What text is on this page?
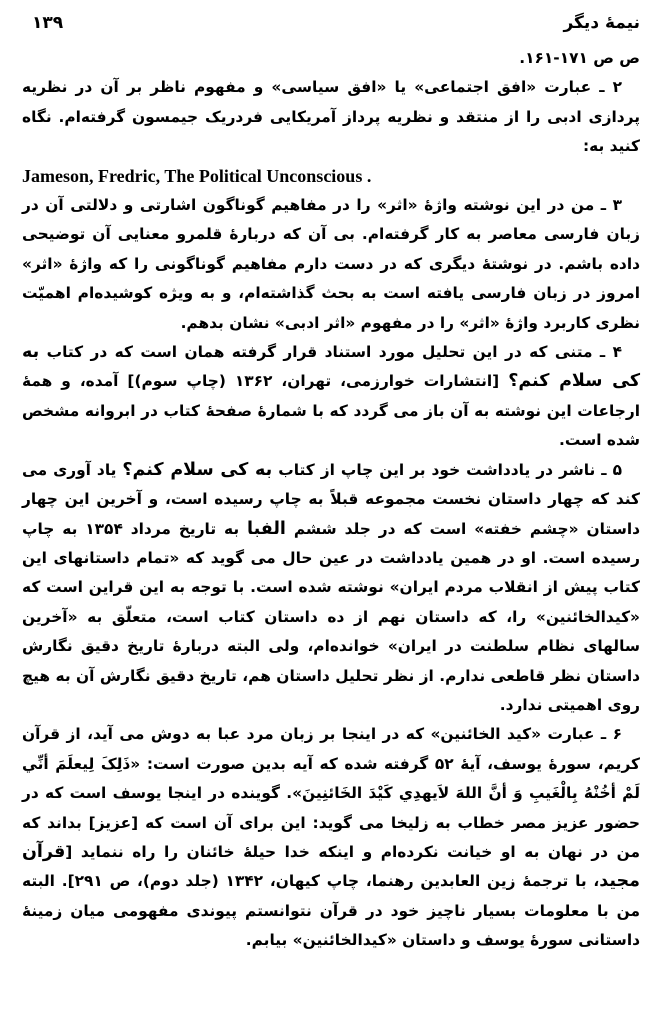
نیمهٔ دیگر
۱۳۹

ص ص ۱۷۱-۱۶۱.

۲ ـ عبارت «افق اجتماعی» یا «افق سیاسی» و مفهوم ناظر بر آن در نظریه پردازی ادبی را از منتقد و نظریه پرداز آمریکایی فردریک جیمسون گرفته‌ام. نگاه کنید به:

Jameson, Fredric, The Political Unconscious .

۳ ـ من در این نوشته واژهٔ «اثر» را در مفاهیم گوناگون اشارتی و دلالتی آن در زبان فارسی معاصر به کار گرفته‌ام. بی آن که دربارهٔ قلمرو معنایی آن توضیحی داده باشم. در نوشتهٔ دیگری که در دست دارم مفاهیم گوناگونی را که واژهٔ «اثر» امروز در زبان فارسی یافته است به بحث گذاشته‌ام، و به ویژه کوشیده‌ام اهمیّت نظری کاربرد واژهٔ «اثر» را در مفهوم «اثر ادبی» نشان بدهم.

۴ ـ متنی که در این تحلیل مورد استناد قرار گرفته همان است که در کتاب به کی سلام کنم؟ [انتشارات خوارزمی، تهران، ۱۳۶۲ (چاپ سوم)] آمده، و همهٔ ارجاعات این نوشته به آن باز می گردد که با شمارهٔ صفحهٔ کتاب در ابروانه مشخص شده است.

۵ ـ ناشر در یادداشت خود بر این چاپ از کتاب به کی سلام کنم؟ یاد آوری می کند که چهار داستان نخست مجموعه قبلاً به چاپ رسیده است، و آخرین این چهار داستان «چشم خفته» است که در جلد ششم الفبا به تاریخ مرداد ۱۳۵۴ به چاپ رسیده است. او در همین یادداشت در عین حال می گوید که «تمام داستانهای این کتاب پیش از انقلاب مردم ایران» نوشته شده است. با توجه به این قراین است که «کیدالخائنین» را، که داستان نهم از ده داستان کتاب است، متعلّق به «آخرین سالهای نظام سلطنت در ایران» خوانده‌ام، ولی البته دربارهٔ تاریخ دقیق نگارش داستان نظر قاطعی ندارم. از نظر تحلیل داستان هم، تاریخ دقیق نگارش آن به هیچ روی اهمیتی ندارد.

۶ ـ عبارت «کید الخائنین» که در اینجا بر زبان مرد عبا به دوش می آید، از قرآن کریم، سورهٔ یوسف، آیهٔ ۵۲ گرفته شده که آیه بدین صورت است: «ذَلِکَ لِیعلَمَ أنِّي لَمْ أخُنْهُ بِالْغَیبِ وَ أنَّ اللهَ لاَیهدِي کَیْدَ الخَائنِینَ». گوینده در اینجا یوسف است که در حضور عزیز مصر خطاب به زلیخا می گوید: این برای آن است که [عزیز] بداند که من در نهان به او خیانت نکرده‌ام و اینکه خدا حیلهٔ خائنان را راه ننماید [قرآن مجید، با ترجمهٔ زین العابدین رهنما، چاپ کیهان، ۱۳۴۲ (جلد دوم)، ص ۲۹۱]. البته من با معلومات بسیار ناچیز خود در قرآن نتوانستم پیوندی مفهومی میان زمینهٔ داستانی سورهٔ یوسف و داستان «کیدالخائنین» بیابم.
